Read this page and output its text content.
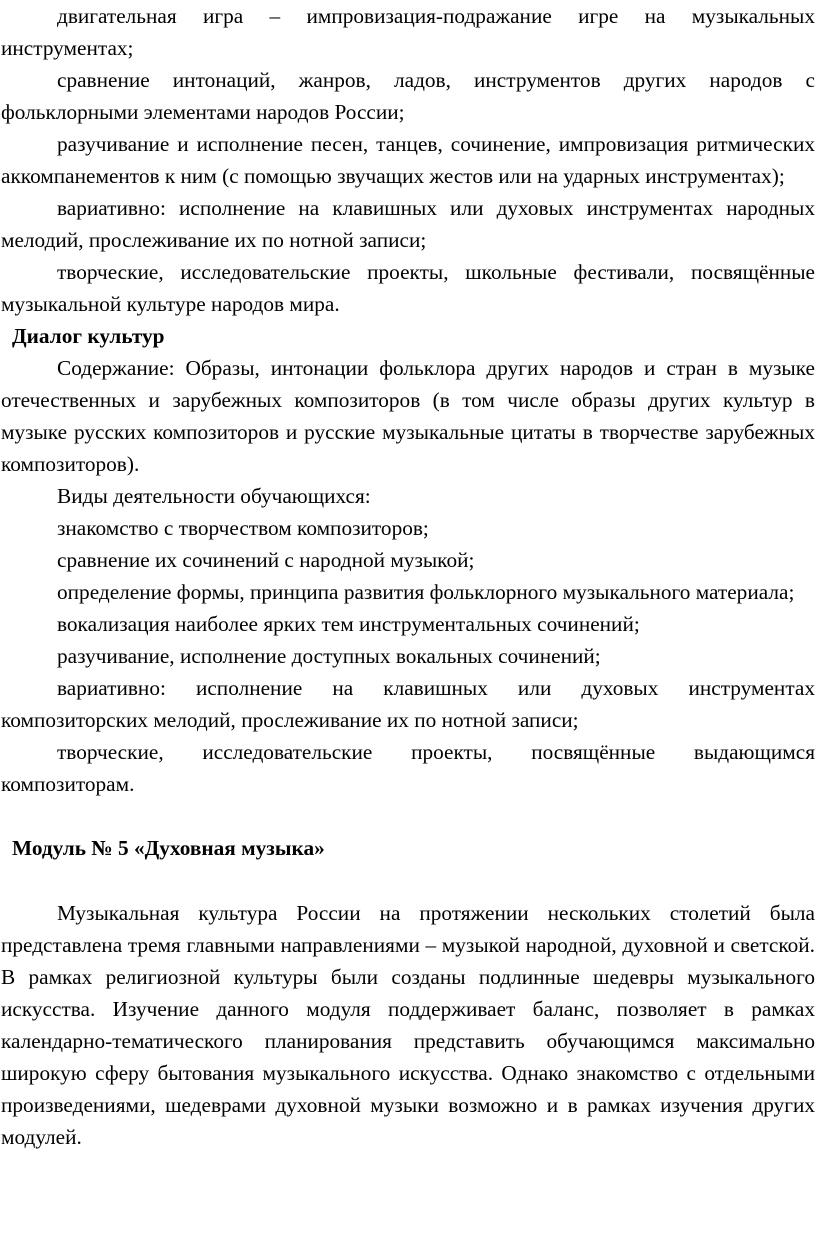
двигательная игра – импровизация-подражание игре на музыкальных инструментах;

сравнение интонаций, жанров, ладов, инструментов других народов с фольклорными элементами народов России;

разучивание и исполнение песен, танцев, сочинение, импровизация ритмических аккомпанементов к ним (с помощью звучащих жестов или на ударных инструментах);

вариативно: исполнение на клавишных или духовых инструментах народных мелодий, прослеживание их по нотной записи;

творческие, исследовательские проекты, школьные фестивали, посвящённые музыкальной культуре народов мира.

Диалог культур

Содержание: Образы, интонации фольклора других народов и стран в музыке отечественных и зарубежных композиторов (в том числе образы других культур в музыке русских композиторов и русские музыкальные цитаты в творчестве зарубежных композиторов).

Виды деятельности обучающихся:

знакомство с творчеством композиторов;

сравнение их сочинений с народной музыкой;

определение формы, принципа развития фольклорного музыкального материала;

вокализация наиболее ярких тем инструментальных сочинений;

разучивание, исполнение доступных вокальных сочинений;

вариативно: исполнение на клавишных или духовых инструментах композиторских мелодий, прослеживание их по нотной записи;

творческие, исследовательские проекты, посвящённые выдающимся композиторам.

Модуль № 5 «Духовная музыка»

Музыкальная культура России на протяжении нескольких столетий была представлена тремя главными направлениями – музыкой народной, духовной и светской. В рамках религиозной культуры были созданы подлинные шедевры музыкального искусства. Изучение данного модуля поддерживает баланс, позволяет в рамках календарно-тематического планирования представить обучающимся максимально широкую сферу бытования музыкального искусства. Однако знакомство с отдельными произведениями, шедеврами духовной музыки возможно и в рамках изучения других модулей.
